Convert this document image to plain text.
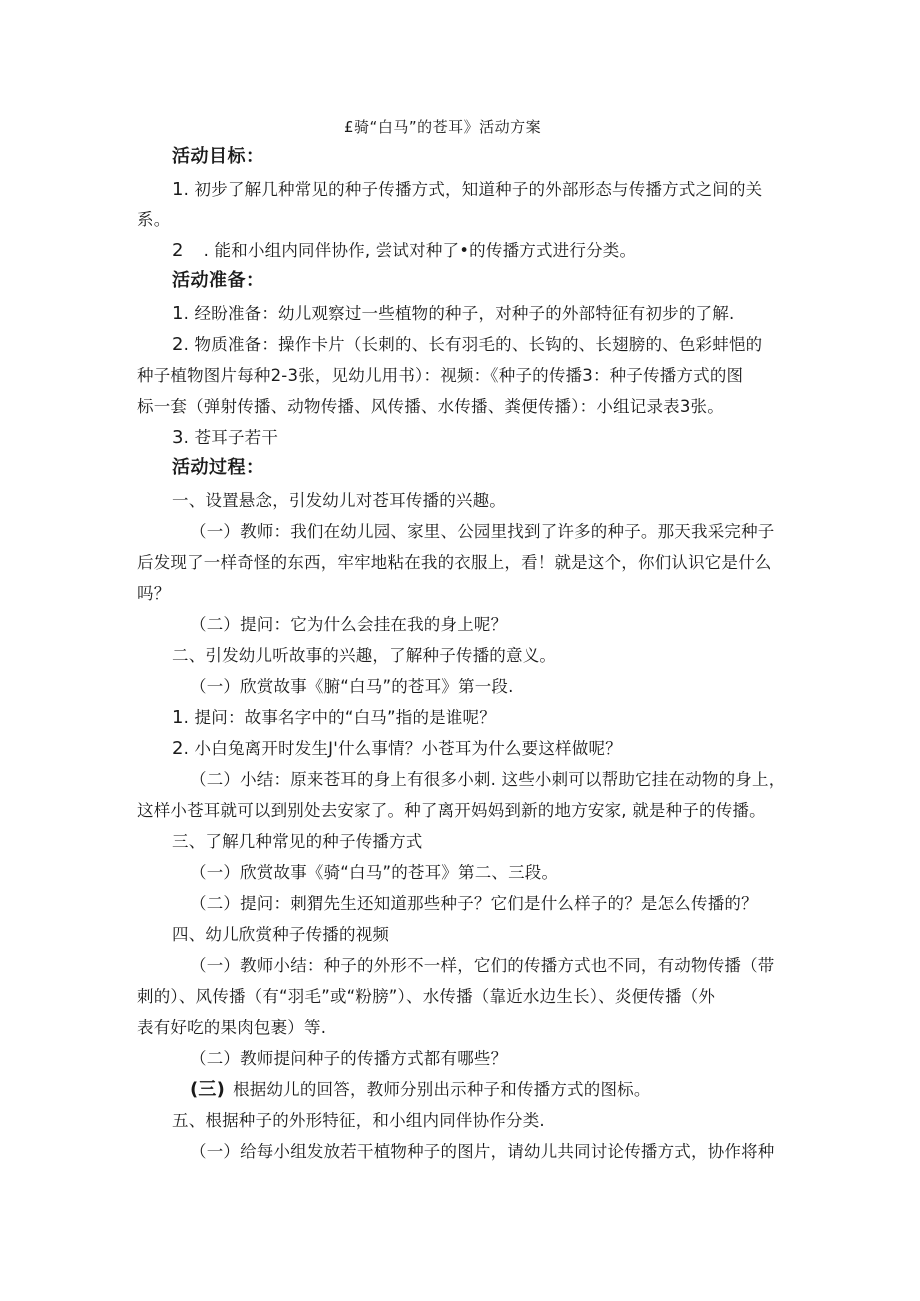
£骑“白马”的苍耳》活动方案
活动目标：
1. 初步了解几种常见的种子传播方式，知道种子的外部形态与传播方式之间的关
系。
2 . 能和小组内同伴协作, 尝试对种了•的传播方式进行分类。
活动准备：
1. 经盼准备：幼儿观察过一些植物的种子，对种子的外部特征有初步的了解.
2. 物质准备：操作卡片（长刺的、长有羽毛的、长钩的、长翅膀的、色彩蚌悒的
种子植物图片每种2-3张，见幼儿用书）：视频：《种子的传播3：种子传播方式的图
标一套（弹射传播、动物传播、风传播、水传播、粪便传播）：小组记录表3张。
3. 苍耳子若干
活动过程：
一、设置悬念，引发幼儿对苍耳传播的兴趣。
（一）教师：我们在幼儿园、家里、公园里找到了许多的种子。那天我采完种子
后发现了一样奇怪的东西，牢牢地粘在我的衣服上，看！就是这个，你们认识它是什么
吗？
（二）提问：它为什么会挂在我的身上呢？
二、引发幼儿听故事的兴趣，了解种子传播的意义。
（一）欣赏故事《腑“白马”的苍耳》第一段.
1. 提问：故事名字中的“白马”指的是谁呢？
2. 小白兔离开时发生J'什么事情？小苍耳为什么要这样做呢？
（二）小结：原来苍耳的身上有很多小刺. 这些小刺可以帮助它挂在动物的身上，
这样小苍耳就可以到别处去安家了。种了离开妈妈到新的地方安家, 就是种子的传播。
三、了解几种常见的种子传播方式
（一）欣赏故事《骑“白马”的苍耳》第二、三段。
（二）提问：刺猬先生还知道那些种子？它们是什么样子的？是怎么传播的？
四、幼儿欣赏种子传播的视频
（一）教师小结：种子的外形不一样，它们的传播方式也不同，有动物传播（带
刺的）、风传播（有“羽毛”或“粉膀”）、水传播（靠近水边生长）、炎便传播（外
表有好吃的果肉包裹）等.
（二）教师提问种子的传播方式都有哪些？
(三) 根据幼儿的回答，教师分别出示种子和传播方式的图标。
五、根据种子的外形特征，和小组内同伴协作分类.
（一）给每小组发放若干植物种子的图片，请幼儿共同讨论传播方式，协作将种
